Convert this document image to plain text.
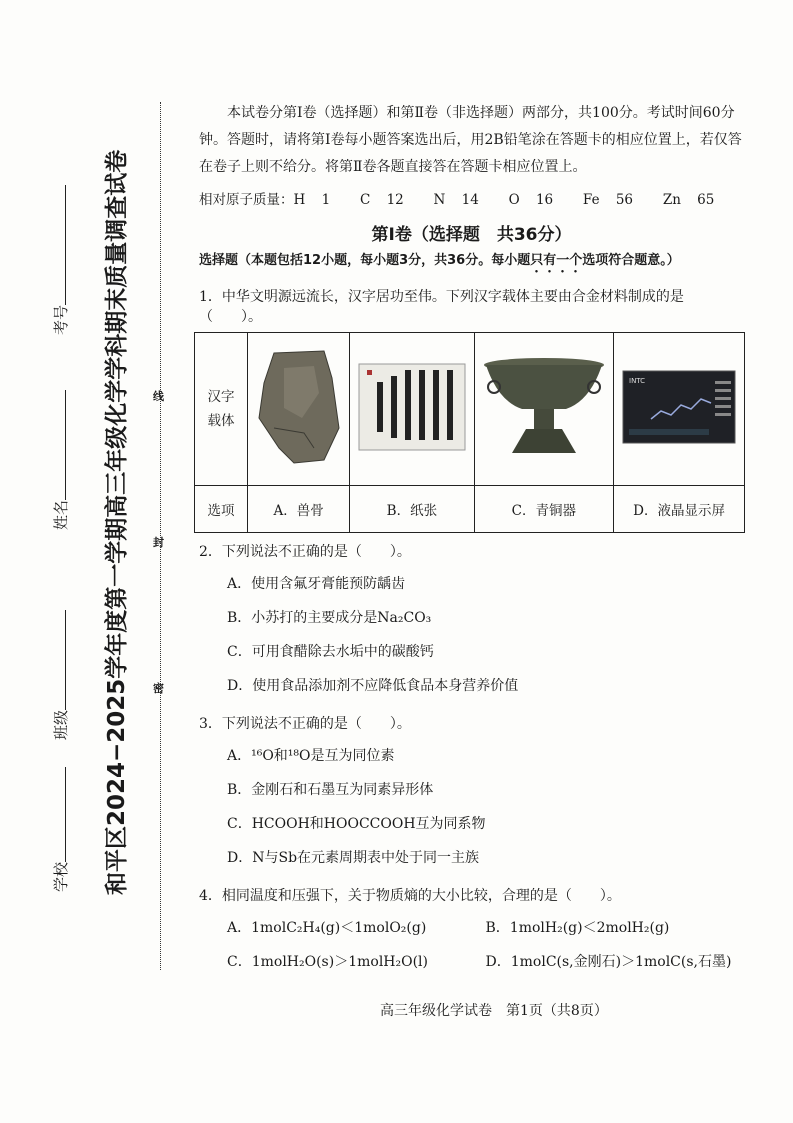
学校
班级
姓名
考号 和平区2024−2025学年度第一学期高三年级化学学科期末质量调查试卷 线
封
密

本试卷分第Ⅰ卷（选择题）和第Ⅱ卷（非选择题）两部分，共100分。考试时间60分钟。答题时，请将第Ⅰ卷每小题答案选出后，用2B铅笔涂在答题卡的相应位置上，若仅答在卷子上则不给分。将第Ⅱ卷各题直接答在答题卡相应位置上。

相对原子质量：H 1　 C 12　 N 14　 O 16　 Fe 56　 Zn 65

第Ⅰ卷（选择题　共36分）
选择题（本题包括12小题，每小题3分，共36分。每小题只有一个选项符合题意。）
1．中华文明源远流长，汉字居功至伟。下列汉字载体主要由合金材料制成的是（　　）。
汉字载体				INTC

选项	A．兽骨	B．纸张	C．青铜器	D．液晶显示屏
2．下列说法不正确的是（　　）。
A．使用含氟牙膏能预防龋齿
B．小苏打的主要成分是Na₂CO₃
C．可用食醋除去水垢中的碳酸钙
D．使用食品添加剂不应降低食品本身营养价值
3．下列说法不正确的是（　　）。
A．¹⁶O和¹⁸O是互为同位素
B．金刚石和石墨互为同素异形体
C．HCOOH和HOOCCOOH互为同系物
D．N与Sb在元素周期表中处于同一主族
4．相同温度和压强下，关于物质熵的大小比较，合理的是（　　）。
A．1molC₂H₄(g)＜1molO₂(g)	B．1molH₂(g)＜2molH₂(g)
C．1molH₂O(s)＞1molH₂O(l)	D．1molC(s,金刚石)＞1molC(s,石墨)
高三年级化学试卷　第1页（共8页）
